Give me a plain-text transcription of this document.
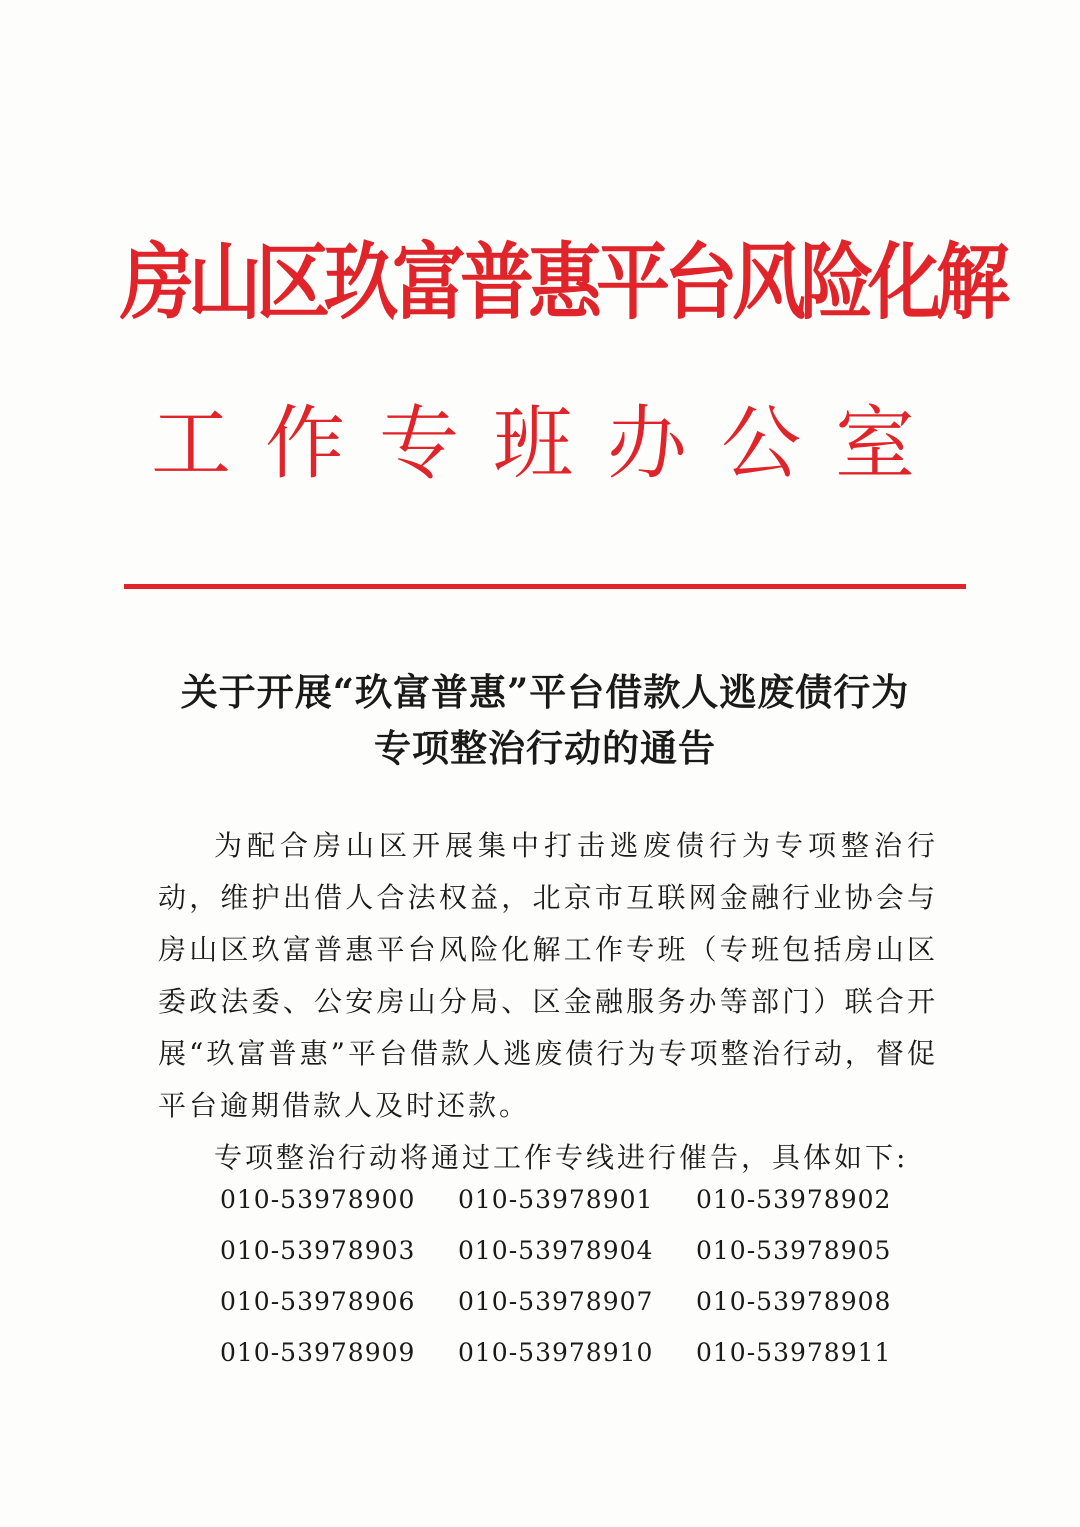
房山区玖富普惠平台风险化解
工作专班办公室
关于开展“玖富普惠”平台借款人逃废债行为
专项整治行动的通告

为配合房山区开展集中打击逃废债行为专项整治行动，维护出借人合法权益，北京市互联网金融行业协会与房山区玖富普惠平台风险化解工作专班（专班包括房山区委政法委、公安房山分局、区金融服务办等部门）联合开展“玖富普惠”平台借款人逃废债行为专项整治行动，督促平台逾期借款人及时还款。

专项整治行动将通过工作专线进行催告，具体如下:

010-53978900	010-53978901	010-53978902
010-53978903	010-53978904	010-53978905
010-53978906	010-53978907	010-53978908
010-53978909	010-53978910	010-53978911
